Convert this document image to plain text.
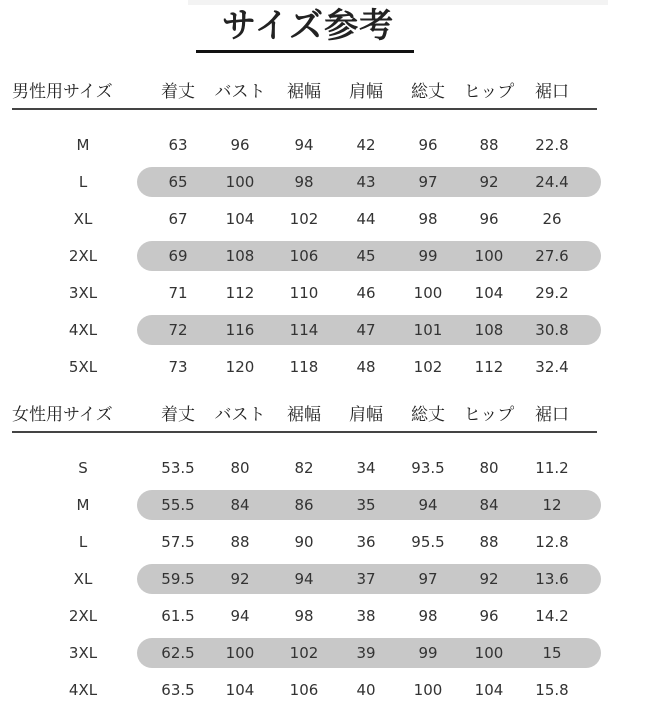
サイズ参考
男性用サイズ	着丈	バスト	裾幅	肩幅	総丈	ヒップ	裾口
M	63	96	94	42	96	88	22.8
L	65	100	98	43	97	92	24.4
XL	67	104	102	44	98	96	26
2XL	69	108	106	45	99	100	27.6
3XL	71	112	110	46	100	104	29.2
4XL	72	116	114	47	101	108	30.8
5XL	73	120	118	48	102	112	32.4
女性用サイズ	着丈	バスト	裾幅	肩幅	総丈	ヒップ	裾口
S	53.5	80	82	34	93.5	80	11.2
M	55.5	84	86	35	94	84	12
L	57.5	88	90	36	95.5	88	12.8
XL	59.5	92	94	37	97	92	13.6
2XL	61.5	94	98	38	98	96	14.2
3XL	62.5	100	102	39	99	100	15
4XL	63.5	104	106	40	100	104	15.8
